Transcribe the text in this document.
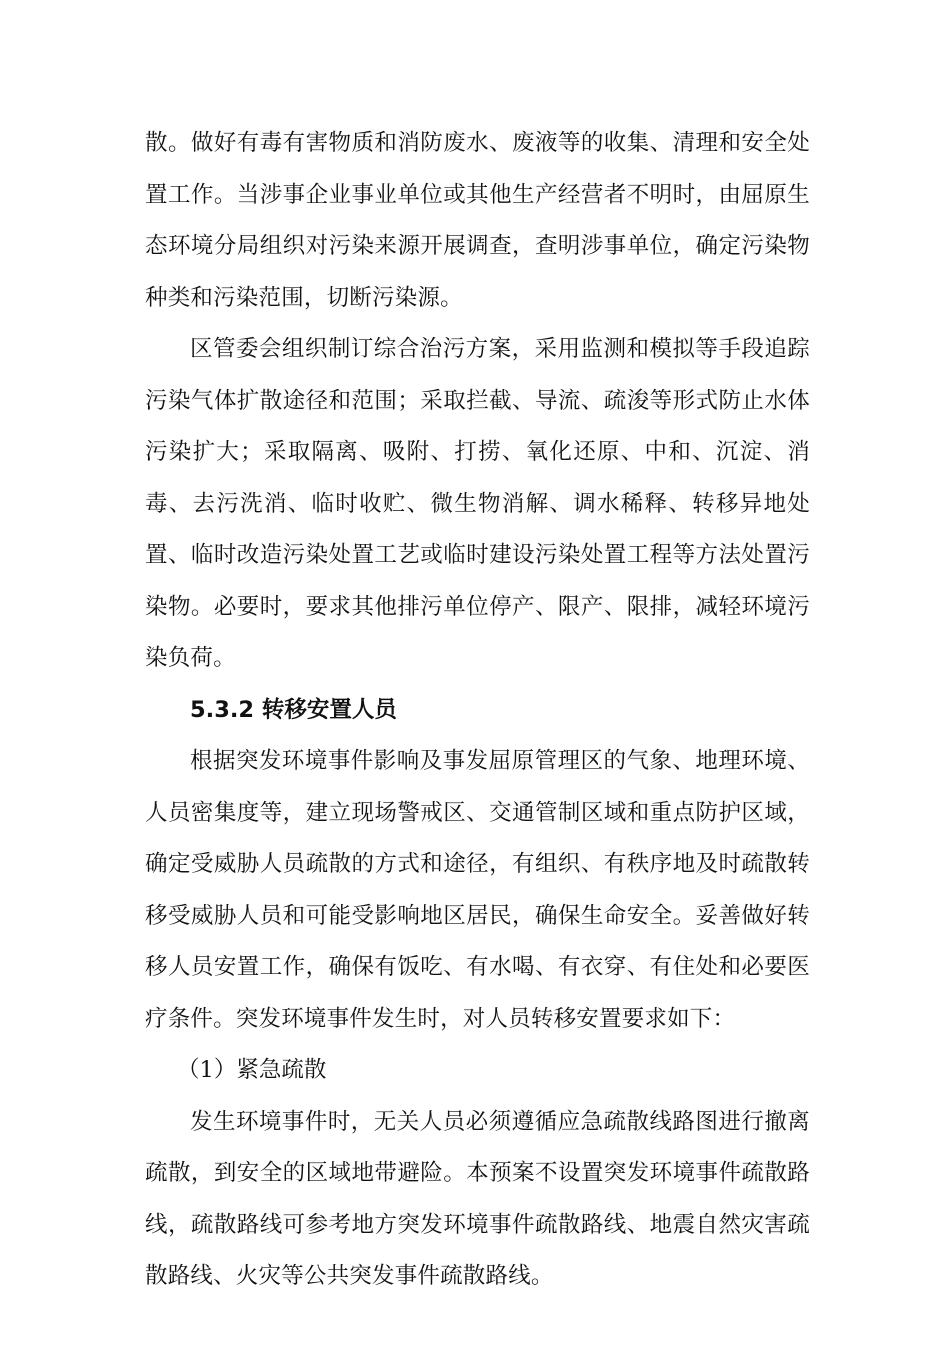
散。做好有毒有害物质和消防废水、废液等的收集、清理和安全处置工作。当涉事企业事业单位或其他生产经营者不明时，由屈原生态环境分局组织对污染来源开展调查，查明涉事单位，确定污染物种类和污染范围，切断污染源。

区管委会组织制订综合治污方案，采用监测和模拟等手段追踪污染气体扩散途径和范围；采取拦截、导流、疏浚等形式防止水体污染扩大；采取隔离、吸附、打捞、氧化还原、中和、沉淀、消毒、去污洗消、临时收贮、微生物消解、调水稀释、转移异地处置、临时改造污染处置工艺或临时建设污染处置工程等方法处置污染物。必要时，要求其他排污单位停产、限产、限排，减轻环境污染负荷。

5.3.2 转移安置人员

根据突发环境事件影响及事发屈原管理区的气象、地理环境、人员密集度等，建立现场警戒区、交通管制区域和重点防护区域，确定受威胁人员疏散的方式和途径，有组织、有秩序地及时疏散转移受威胁人员和可能受影响地区居民，确保生命安全。妥善做好转移人员安置工作，确保有饭吃、有水喝、有衣穿、有住处和必要医疗条件。突发环境事件发生时，对人员转移安置要求如下：

（1）紧急疏散

发生环境事件时，无关人员必须遵循应急疏散线路图进行撤离疏散，到安全的区域地带避险。本预案不设置突发环境事件疏散路线，疏散路线可参考地方突发环境事件疏散路线、地震自然灾害疏散路线、火灾等公共突发事件疏散路线。
